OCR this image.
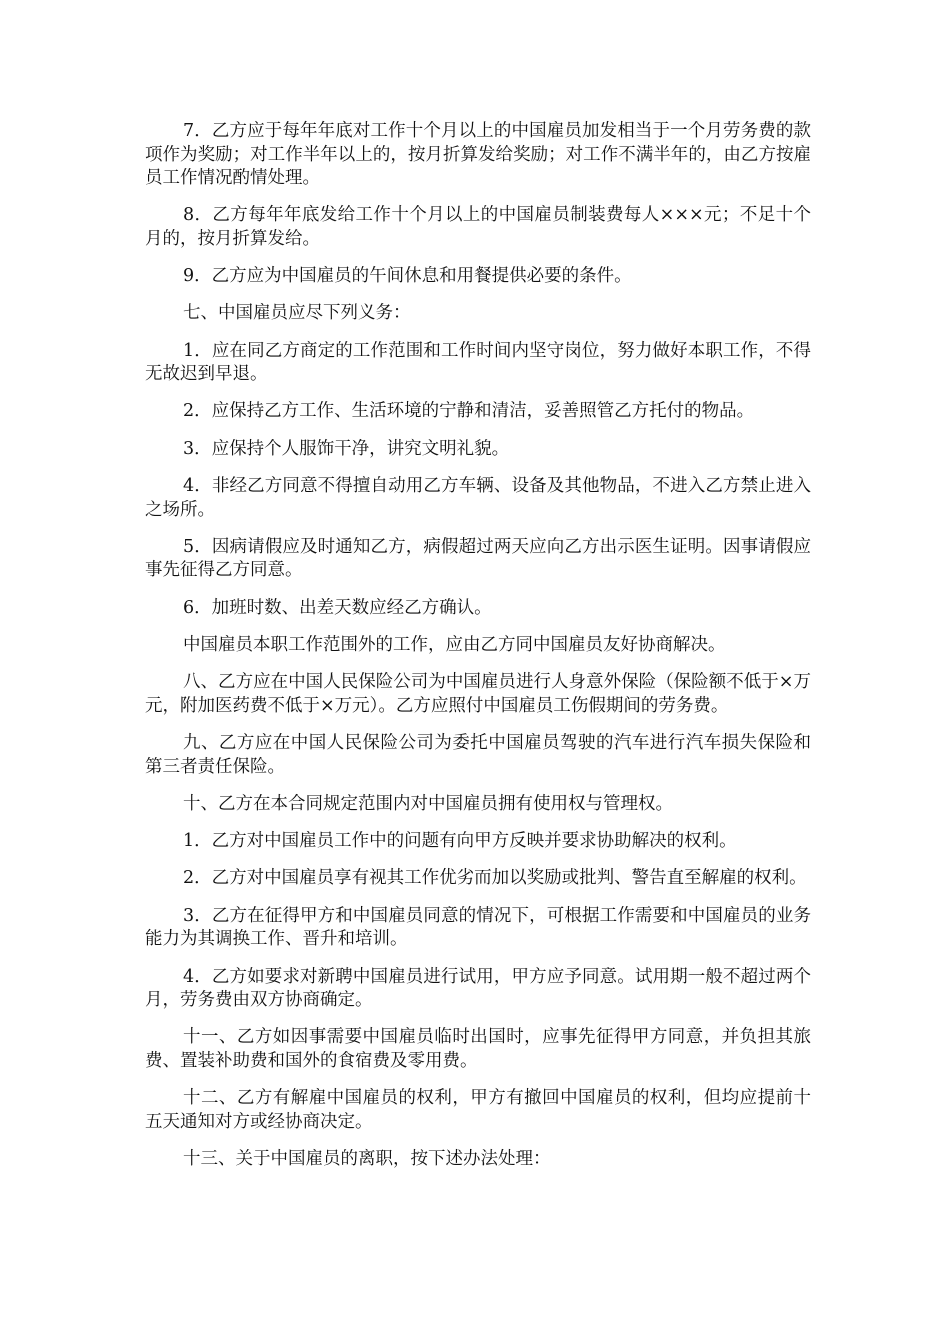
7．乙方应于每年年底对工作十个月以上的中国雇员加发相当于一个月劳务费的款项作为奖励；对工作半年以上的，按月折算发给奖励；对工作不满半年的，由乙方按雇员工作情况酌情处理。

8．乙方每年年底发给工作十个月以上的中国雇员制装费每人×××元；不足十个月的，按月折算发给。

9．乙方应为中国雇员的午间休息和用餐提供必要的条件。

七、中国雇员应尽下列义务：

1．应在同乙方商定的工作范围和工作时间内坚守岗位，努力做好本职工作，不得无故迟到早退。

2．应保持乙方工作、生活环境的宁静和清洁，妥善照管乙方托付的物品。

3．应保持个人服饰干净，讲究文明礼貌。

4．非经乙方同意不得擅自动用乙方车辆、设备及其他物品，不进入乙方禁止进入之场所。

5．因病请假应及时通知乙方，病假超过两天应向乙方出示医生证明。因事请假应事先征得乙方同意。

6．加班时数、出差天数应经乙方确认。

中国雇员本职工作范围外的工作，应由乙方同中国雇员友好协商解决。

八、乙方应在中国人民保险公司为中国雇员进行人身意外保险（保险额不低于×万元，附加医药费不低于×万元）。乙方应照付中国雇员工伤假期间的劳务费。

九、乙方应在中国人民保险公司为委托中国雇员驾驶的汽车进行汽车损失保险和第三者责任保险。

十、乙方在本合同规定范围内对中国雇员拥有使用权与管理权。

1．乙方对中国雇员工作中的问题有向甲方反映并要求协助解决的权利。

2．乙方对中国雇员享有视其工作优劣而加以奖励或批判、警告直至解雇的权利。

3．乙方在征得甲方和中国雇员同意的情况下，可根据工作需要和中国雇员的业务能力为其调换工作、晋升和培训。

4．乙方如要求对新聘中国雇员进行试用，甲方应予同意。试用期一般不超过两个月，劳务费由双方协商确定。

十一、乙方如因事需要中国雇员临时出国时，应事先征得甲方同意，并负担其旅费、置装补助费和国外的食宿费及零用费。

十二、乙方有解雇中国雇员的权利，甲方有撤回中国雇员的权利，但均应提前十五天通知对方或经协商决定。

十三、关于中国雇员的离职，按下述办法处理：
